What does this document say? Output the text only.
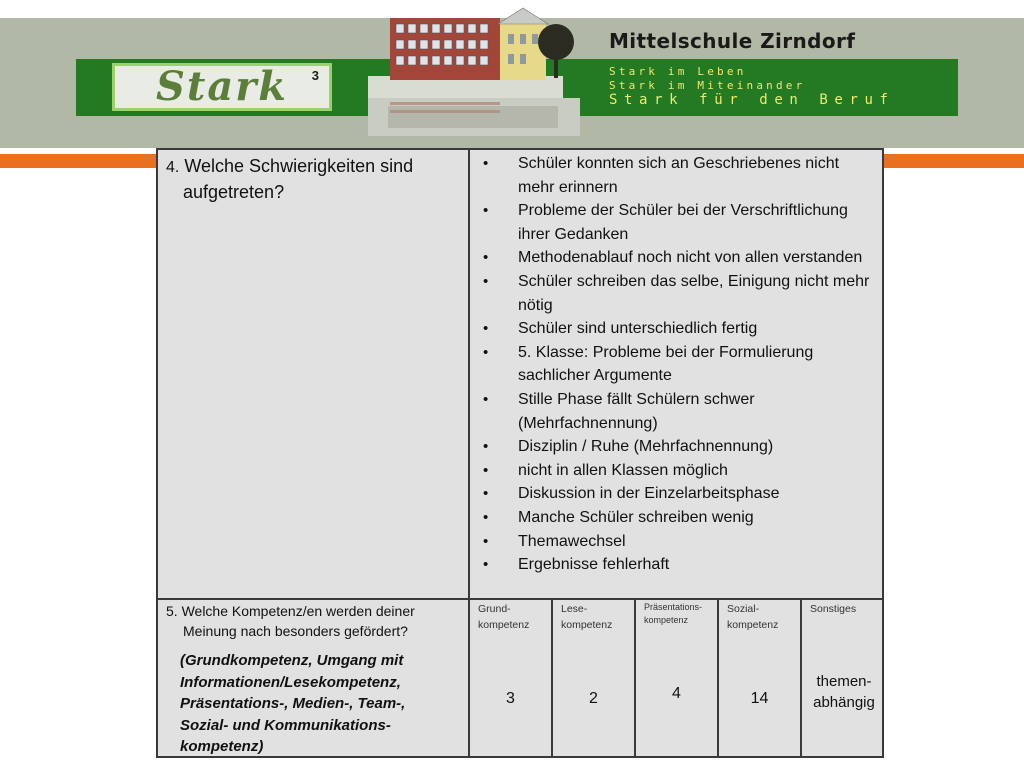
Stark 3
Mittelschule Zirndorf
Stark im Leben
Stark im Miteinander
Stark für den Beruf
4. Welche Schwierigkeiten sind
aufgetreten?
• Schüler konnten sich an Geschriebenes nicht mehr erinnern
• Probleme der Schüler bei der Verschriftlichung ihrer Gedanken
• Methodenablauf noch nicht von allen verstanden
• Schüler schreiben das selbe, Einigung nicht mehr nötig
• Schüler sind unterschiedlich fertig
• 5. Klasse: Probleme bei der Formulierung sachlicher Argumente
• Stille Phase fällt Schülern schwer (Mehrfachnennung)
• Disziplin / Ruhe (Mehrfachnennung)
• nicht in allen Klassen möglich
• Diskussion in der Einzelarbeitsphase
• Manche Schüler schreiben wenig
• Themawechsel
• Ergebnisse fehlerhaft
5. Welche Kompetenz/en werden deiner
Meinung nach besonders gefördert?
(Grundkompetenz, Umgang mit Informationen/Lesekompetenz, Präsentations-, Medien-, Team-, Sozial- und Kommunikations-kompetenz)
Grund-
kompetenz
3
Lese-
kompetenz
2
Präsentations-
kompetenz
4
Sozial-
kompetenz
14
Sonstiges
themen- abhängig
